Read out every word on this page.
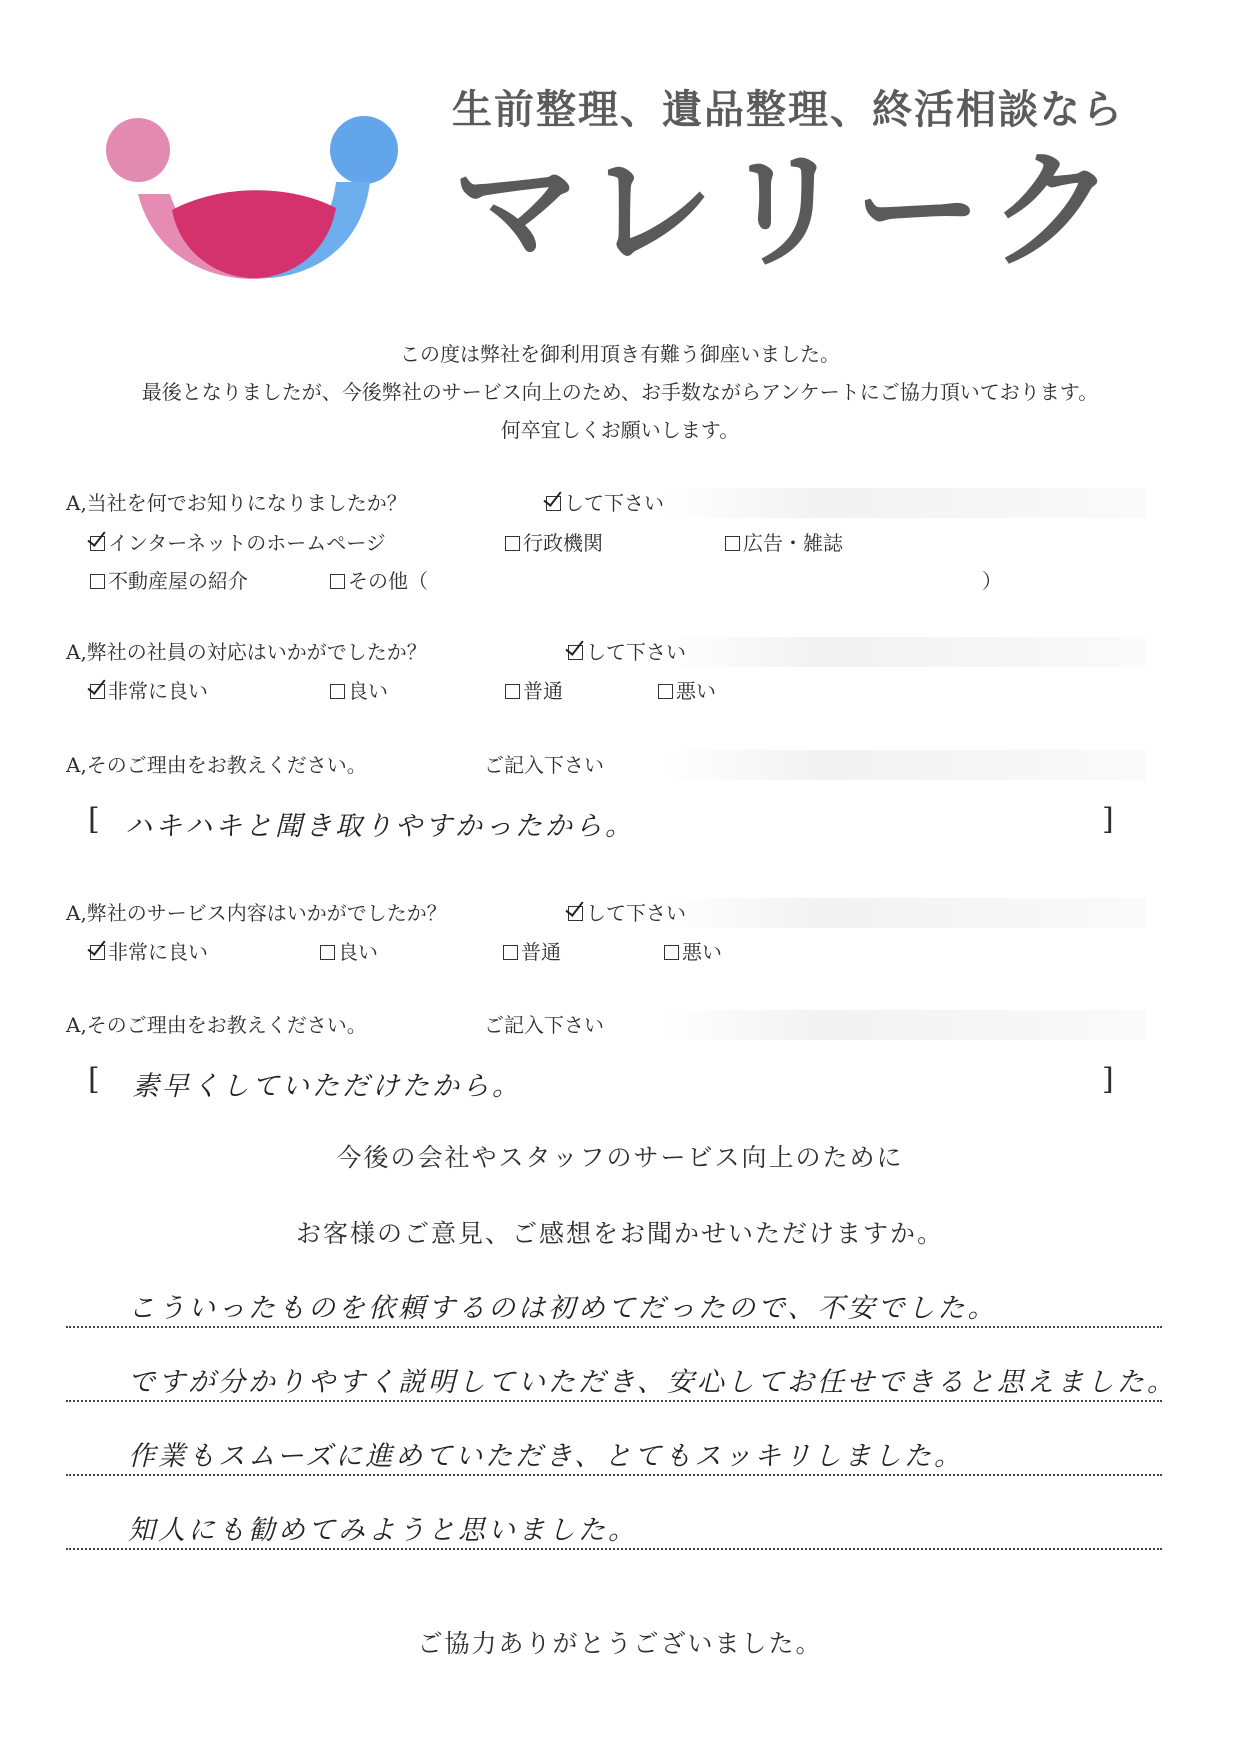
生前整理、遺品整理、終活相談なら
マレリーク
この度は弊社を御利用頂き有難う御座いました。
最後となりましたが、今後弊社のサービス向上のため、お手数ながらアンケートにご協力頂いております。
何卒宜しくお願いします。
A,当社を何でお知りになりましたか？	して下さい
インターネットのホームページ	行政機関	広告・雑誌
不動産屋の紹介	その他（	）
A,弊社の社員の対応はいかがでしたか？	して下さい
非常に良い	良い	普通	悪い
A,そのご理由をお教えください。	ご記入下さい
[ ハキハキと聞き取りやすかったから。	]
A,弊社のサービス内容はいかがでしたか？	して下さい
非常に良い	良い	普通	悪い
A,そのご理由をお教えください。	ご記入下さい
[ 素早くしていただけたから。	]
今後の会社やスタッフのサービス向上のために
お客様のご意見、ご感想をお聞かせいただけますか。
こういったものを依頼するのは初めてだったので、不安でした。
ですが分かりやすく説明していただき、安心してお任せできると思えました。
作業もスムーズに進めていただき、とてもスッキリしました。
知人にも勧めてみようと思いました。
ご協力ありがとうございました。
